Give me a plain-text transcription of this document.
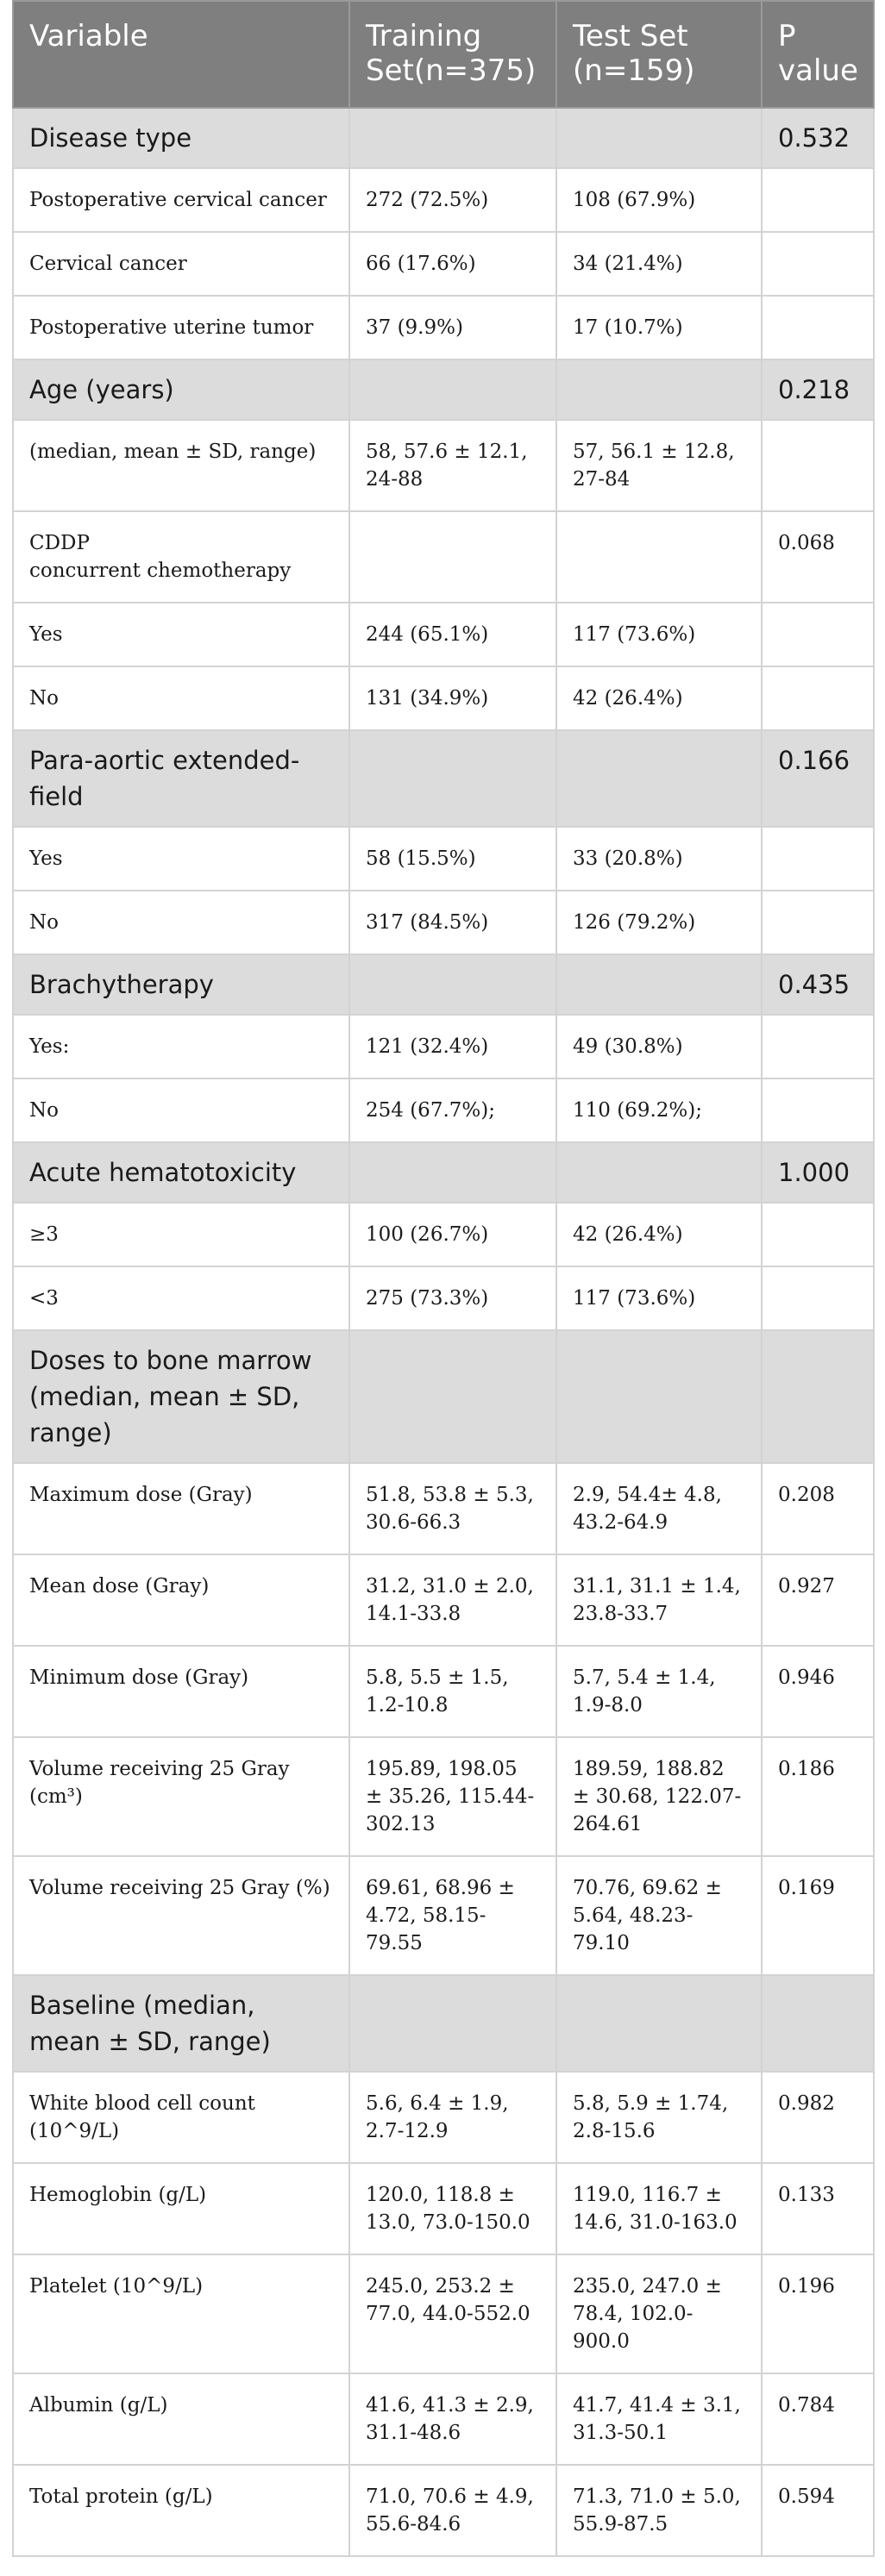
Variable	Training Set(n=375)	Test Set (n=159)	P value
Disease type			0.532
Postoperative cervical cancer	272 (72.5%)	108 (67.9%)	
Cervical cancer	66 (17.6%)	34 (21.4%)	
Postoperative uterine tumor	37 (9.9%)	17 (10.7%)	
Age (years)			0.218
(median, mean ± SD, range)	58, 57.6 ± 12.1, 24-88	57, 56.1 ± 12.8, 27-84	

CDDP
concurrent chemotherapy			0.068
Yes	244 (65.1%)	117 (73.6%)	
No	131 (34.9%)	42 (26.4%)	
Para-aortic extended-field			0.166
Yes	58 (15.5%)	33 (20.8%)	
No	317 (84.5%)	126 (79.2%)	
Brachytherapy			0.435
Yes:	121 (32.4%)	49 (30.8%)	
No	254 (67.7%);	110 (69.2%);	
Acute hematotoxicity			1.000
≥3	100 (26.7%)	42 (26.4%)	
<3	275 (73.3%)	117 (73.6%)	
Doses to bone marrow (median, mean ± SD, range)			
Maximum dose (Gray)	51.8, 53.8 ± 5.3, 30.6-66.3	2.9, 54.4± 4.8, 43.2-64.9	0.208
Mean dose (Gray)	31.2, 31.0 ± 2.0, 14.1-33.8	31.1, 31.1 ± 1.4, 23.8-33.7	0.927
Minimum dose (Gray)	5.8, 5.5 ± 1.5, 1.2-10.8	5.7, 5.4 ± 1.4, 1.9-8.0	0.946
Volume receiving 25 Gray (cm³)	195.89, 198.05 ± 35.26, 115.44-302.13	189.59, 188.82 ± 30.68, 122.07-264.61	0.186
Volume receiving 25 Gray (%)	69.61, 68.96 ± 4.72, 58.15-79.55	70.76, 69.62 ± 5.64, 48.23-79.10	0.169
Baseline (median, mean ± SD, range)			
White blood cell count (10^9/L)	5.6, 6.4 ± 1.9, 2.7-12.9	5.8, 5.9 ± 1.74, 2.8-15.6	0.982
Hemoglobin (g/L)	120.0, 118.8 ± 13.0, 73.0-150.0	119.0, 116.7 ± 14.6, 31.0-163.0	0.133
Platelet (10^9/L)	245.0, 253.2 ± 77.0, 44.0-552.0	235.0, 247.0 ± 78.4, 102.0-900.0	0.196
Albumin (g/L)	41.6, 41.3 ± 2.9, 31.1-48.6	41.7, 41.4 ± 3.1, 31.3-50.1	0.784
Total protein (g/L)	71.0, 70.6 ± 4.9, 55.6-84.6	71.3, 71.0 ± 5.0, 55.9-87.5	0.594
